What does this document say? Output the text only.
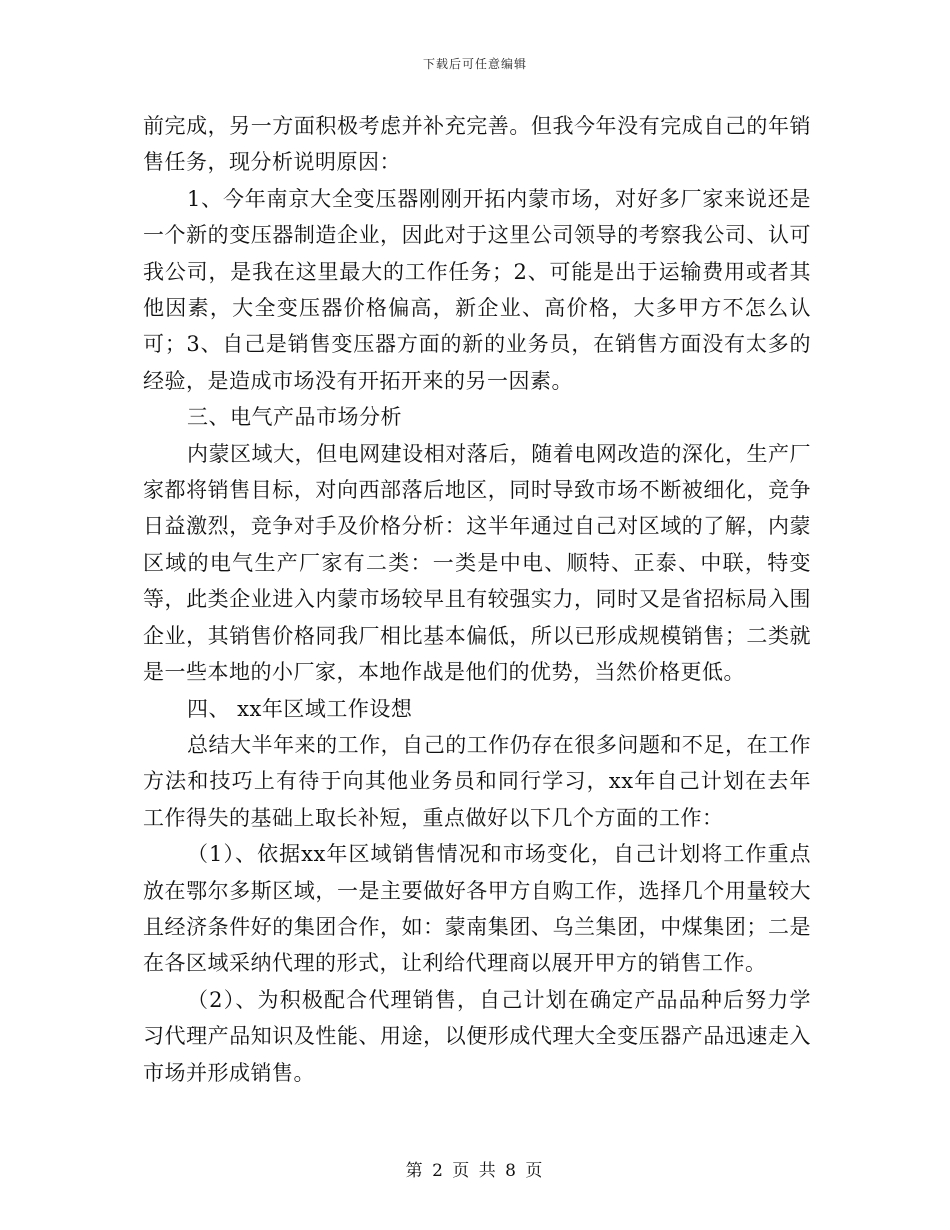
下载后可任意编辑

前完成，另一方面积极考虑并补充完善。但我今年没有完成自己的年销售任务，现分析说明原因：

1、今年南京大全变压器刚刚开拓内蒙市场，对好多厂家来说还是一个新的变压器制造企业，因此对于这里公司领导的考察我公司、认可我公司，是我在这里最大的工作任务；2、可能是出于运输费用或者其他因素，大全变压器价格偏高，新企业、高价格，大多甲方不怎么认可；3、自己是销售变压器方面的新的业务员，在销售方面没有太多的经验，是造成市场没有开拓开来的另一因素。

三、电气产品市场分析

内蒙区域大，但电网建设相对落后，随着电网改造的深化，生产厂家都将销售目标，对向西部落后地区，同时导致市场不断被细化，竞争日益激烈，竞争对手及价格分析：这半年通过自己对区域的了解，内蒙区域的电气生产厂家有二类：一类是中电、顺特、正泰、中联，特变等，此类企业进入内蒙市场较早且有较强实力，同时又是省招标局入围企业，其销售价格同我厂相比基本偏低，所以已形成规模销售；二类就是一些本地的小厂家，本地作战是他们的优势，当然价格更低。

四、 xx年区域工作设想

总结大半年来的工作，自己的工作仍存在很多问题和不足，在工作方法和技巧上有待于向其他业务员和同行学习，xx年自己计划在去年工作得失的基础上取长补短，重点做好以下几个方面的工作：

（1）、依据xx年区域销售情况和市场变化，自己计划将工作重点放在鄂尔多斯区域，一是主要做好各甲方自购工作，选择几个用量较大且经济条件好的集团合作，如：蒙南集团、乌兰集团，中煤集团；二是在各区域采纳代理的形式，让利给代理商以展开甲方的销售工作。

（2）、为积极配合代理销售，自己计划在确定产品品种后努力学习代理产品知识及性能、用途，以便形成代理大全变压器产品迅速走入市场并形成销售。

第 2 页 共 8 页
